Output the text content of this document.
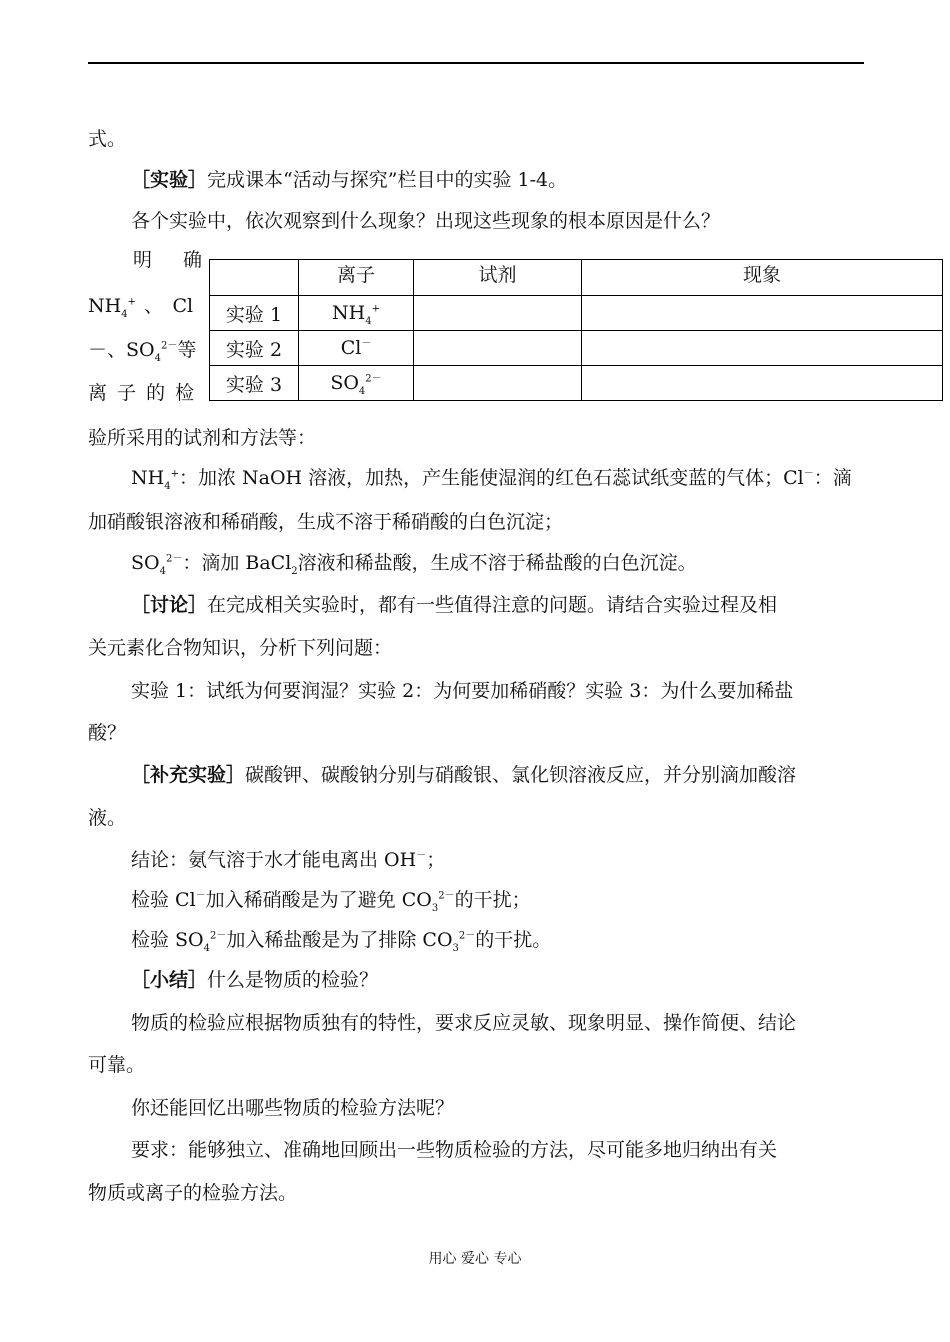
式。
［实验］完成课本“活动与探究”栏目中的实验 1-4。
各个实验中，依次观察到什么现象？出现这些现象的根本原因是什么？
明　确
$NH_4^+$ 、　Cl
－、$SO_4^{2-}$等
离 子 的 检
	离子	试剂	现象
实验 1	$NH_4^+$		
实验 2	Cl－		
实验 3	$SO_4^{2-}$		
验所采用的试剂和方法等：
$NH_4^+$：加浓 NaOH 溶液，加热，产生能使湿润的红色石蕊试纸变蓝的气体；Cl－：滴
加硝酸银溶液和稀硝酸，生成不溶于稀硝酸的白色沉淀；
$SO_4^{2-}$：滴加 BaCl$_2$溶液和稀盐酸，生成不溶于稀盐酸的白色沉淀。
［讨论］在完成相关实验时，都有一些值得注意的问题。请结合实验过程及相
关元素化合物知识，分析下列问题：
实验 1：试纸为何要润湿？实验 2：为何要加稀硝酸？实验 3：为什么要加稀盐
酸？
［补充实验］碳酸钾、碳酸钠分别与硝酸银、氯化钡溶液反应，并分别滴加酸溶
液。
结论：氨气溶于水才能电离出 OH－；
检验 Cl－加入稀硝酸是为了避免 $CO_3^{2-}$的干扰；
检验 $SO_4^{2-}$加入稀盐酸是为了排除 $CO_3^{2-}$的干扰。
［小结］什么是物质的检验？
物质的检验应根据物质独有的特性，要求反应灵敏、现象明显、操作简便、结论
可靠。
你还能回忆出哪些物质的检验方法呢？
要求：能够独立、准确地回顾出一些物质检验的方法，尽可能多地归纳出有关
物质或离子的检验方法。
用心 爱心 专心
